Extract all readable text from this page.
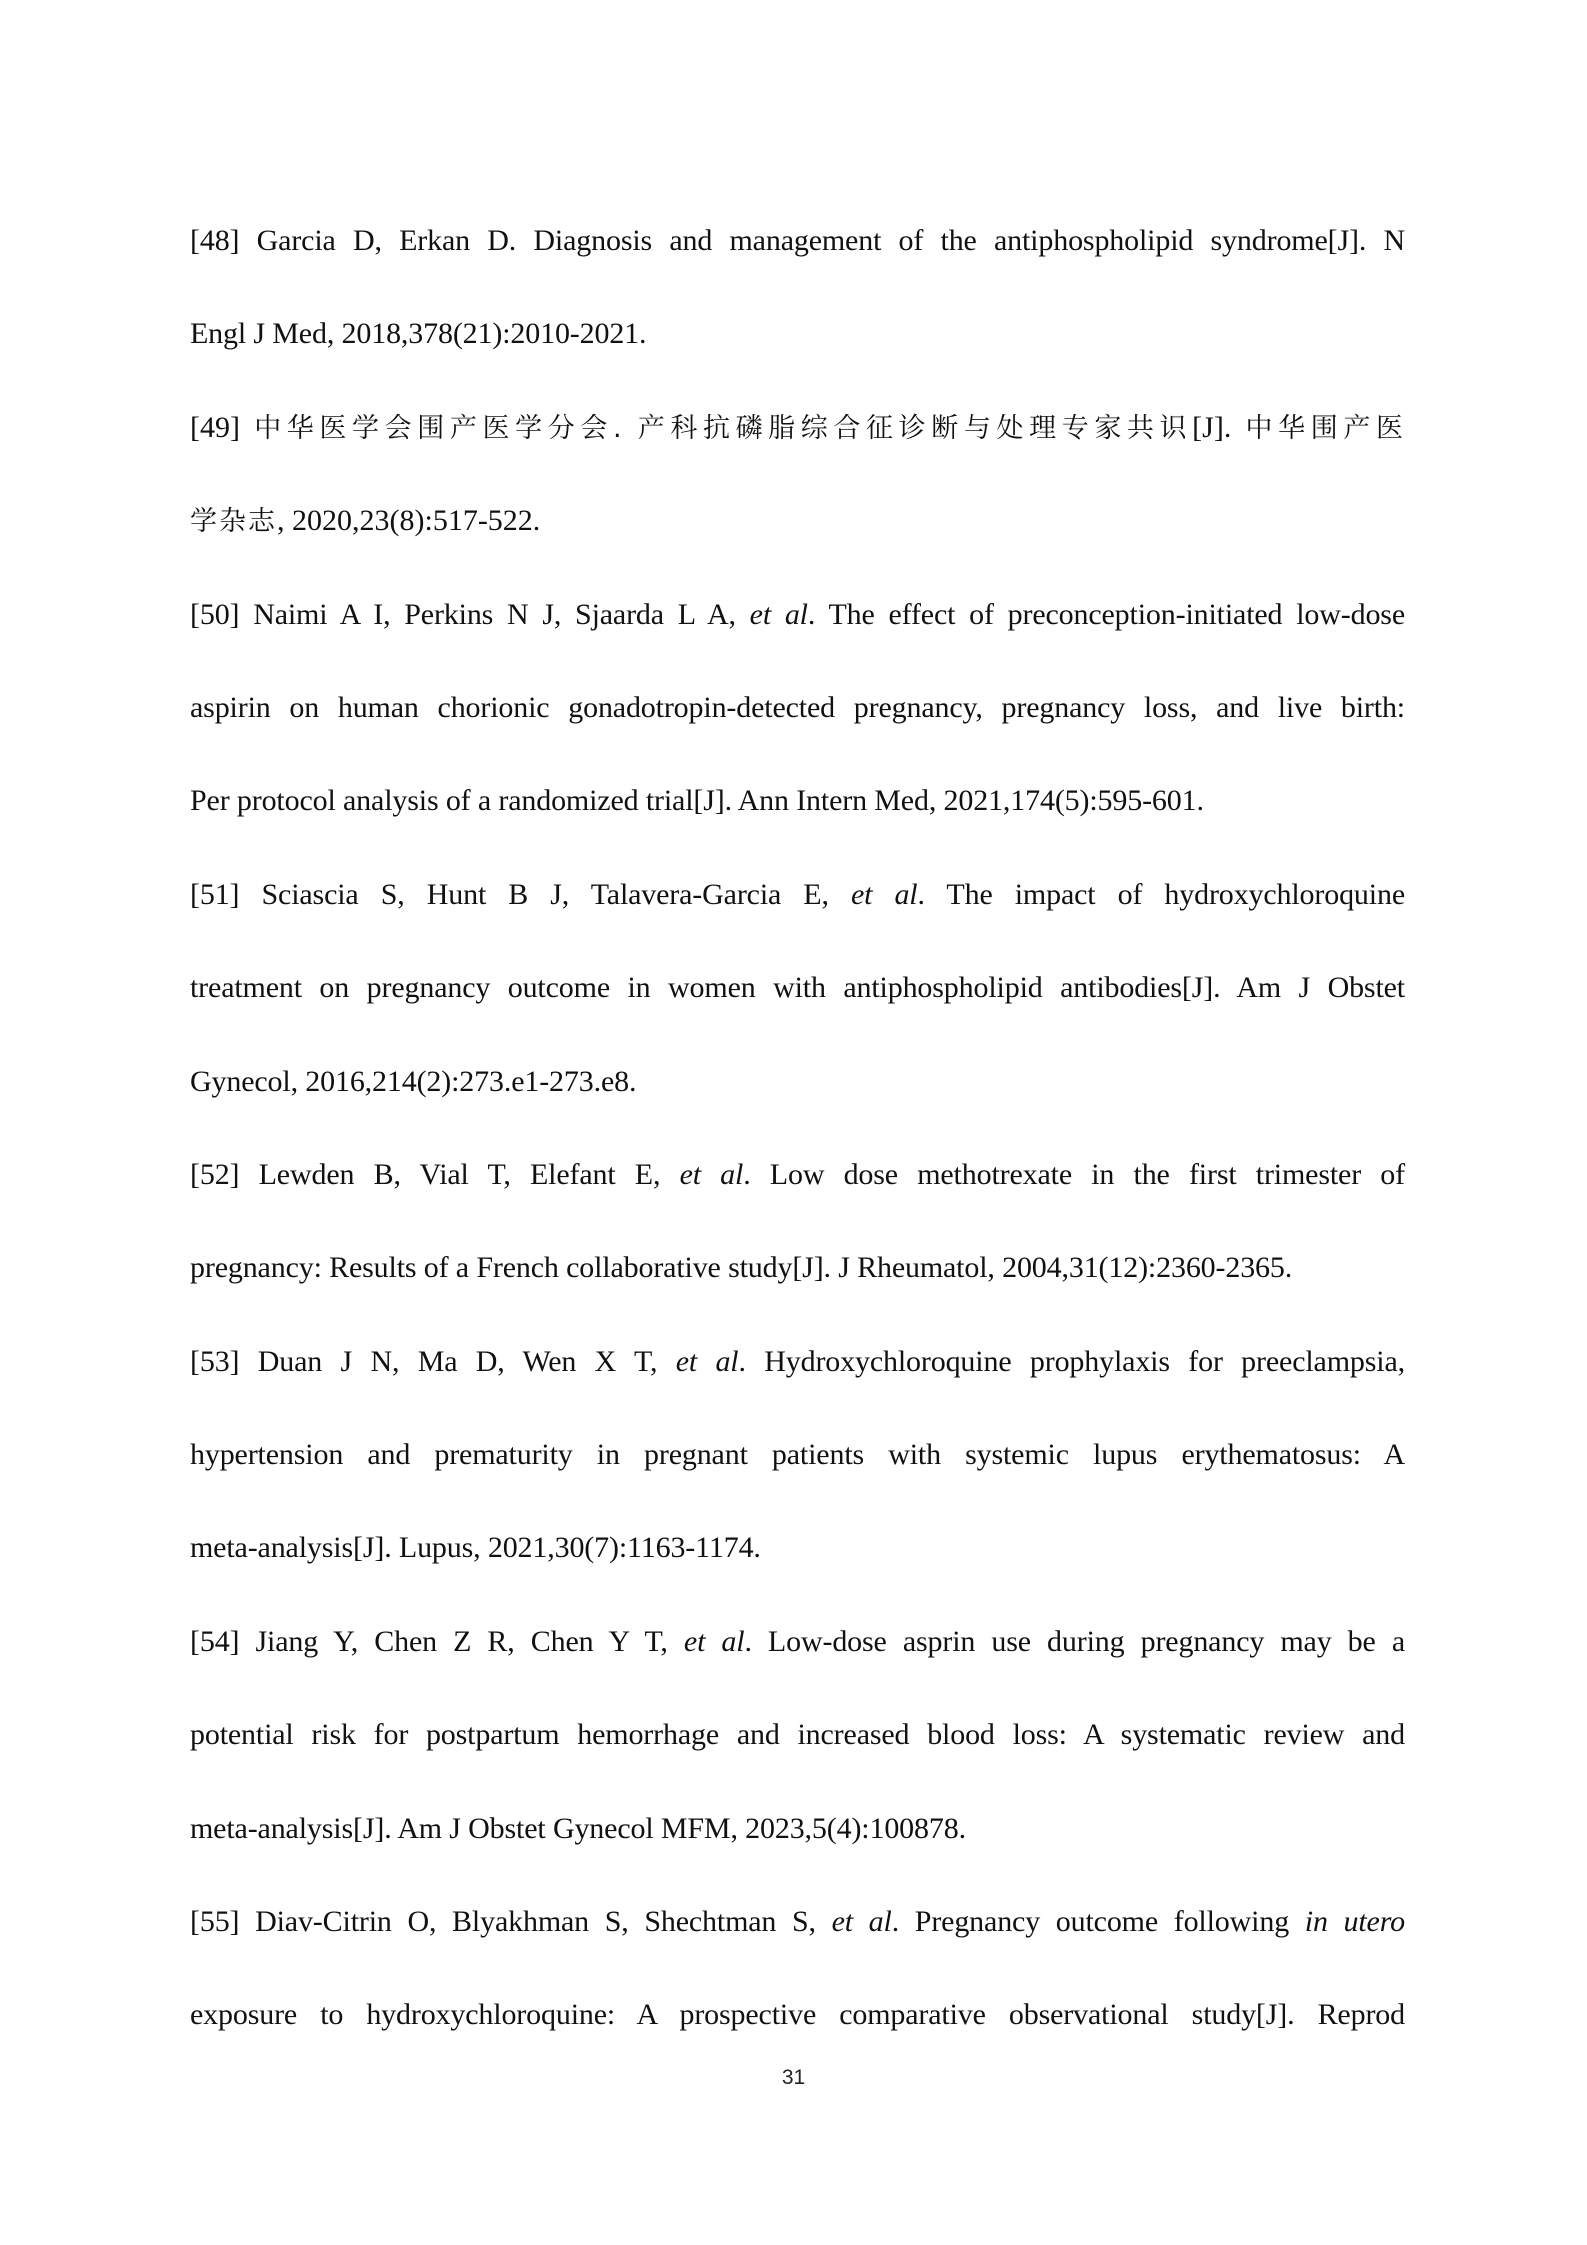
[48] Garcia D, Erkan D. Diagnosis and management of the antiphospholipid syndrome[J]. N
Engl J Med, 2018,378(21):2010-2021.
[49] 中华医学会围产医学分会. 产科抗磷脂综合征诊断与处理专家共识[J]. 中华围产医
学杂志, 2020,23(8):517-522.
[50] Naimi A I, Perkins N J, Sjaarda L A, et al. The effect of preconception-initiated low-dose
aspirin on human chorionic gonadotropin-detected pregnancy, pregnancy loss, and live birth:
Per protocol analysis of a randomized trial[J]. Ann Intern Med, 2021,174(5):595-601.
[51] Sciascia S, Hunt B J, Talavera-Garcia E, et al. The impact of hydroxychloroquine
treatment on pregnancy outcome in women with antiphospholipid antibodies[J]. Am J Obstet
Gynecol, 2016,214(2):273.e1-273.e8.
[52] Lewden B, Vial T, Elefant E, et al. Low dose methotrexate in the first trimester of
pregnancy: Results of a French collaborative study[J]. J Rheumatol, 2004,31(12):2360-2365.
[53] Duan J N, Ma D, Wen X T, et al. Hydroxychloroquine prophylaxis for preeclampsia,
hypertension and prematurity in pregnant patients with systemic lupus erythematosus: A
meta-analysis[J]. Lupus, 2021,30(7):1163-1174.
[54] Jiang Y, Chen Z R, Chen Y T, et al. Low-dose asprin use during pregnancy may be a
potential risk for postpartum hemorrhage and increased blood loss: A systematic review and
meta-analysis[J]. Am J Obstet Gynecol MFM, 2023,5(4):100878.
[55] Diav-Citrin O, Blyakhman S, Shechtman S, et al. Pregnancy outcome following in utero
exposure to hydroxychloroquine: A prospective comparative observational study[J]. Reprod
31
